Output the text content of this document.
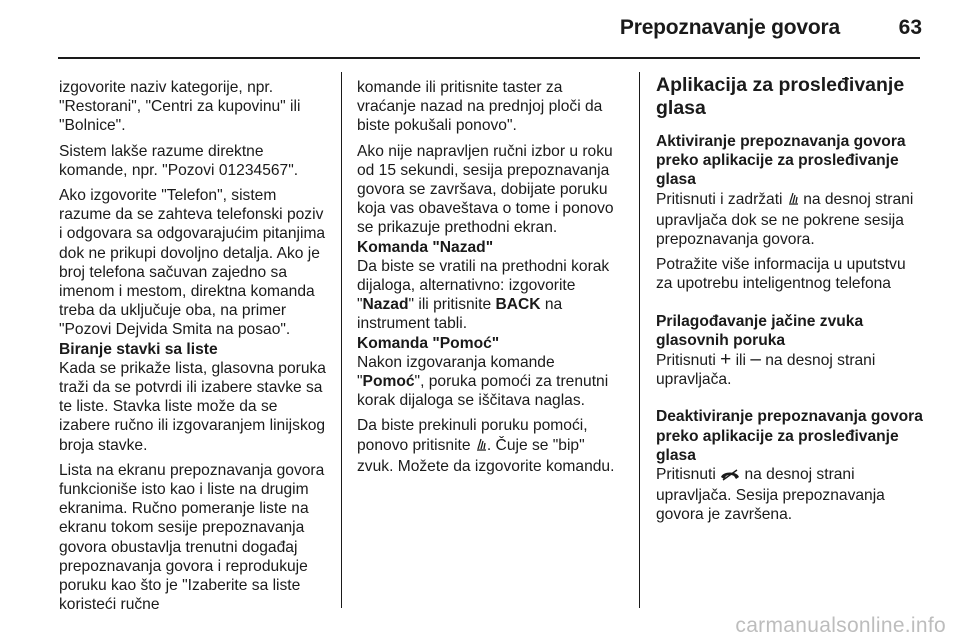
Prepoznavanje govora	63

izgovorite naziv kategorije, npr. "Restorani", "Centri za kupovinu" ili "Bolnice".

Sistem lakše razume direktne komande, npr. "Pozovi 01234567".

Ako izgovorite "Telefon", sistem razume da se zahteva telefonski poziv i odgovara sa odgovarajućim pitanjima dok ne prikupi dovoljno detalja. Ako je broj telefona sačuvan zajedno sa imenom i mestom, direktna komanda treba da uključuje oba, na primer "Pozovi Dejvida Smita na posao".

Biranje stavki sa liste

Kada se prikaže lista, glasovna poruka traži da se potvrdi ili izabere stavke sa te liste. Stavka liste može da se izabere ručno ili izgovaranjem linijskog broja stavke.

Lista na ekranu prepoznavanja govora funkcioniše isto kao i liste na drugim ekranima. Ručno pomeranje liste na ekranu tokom sesije prepoznavanja govora obustavlja trenutni događaj prepoznavanja govora i reprodukuje poruku kao što je "Izaberite sa liste koristeći ručne

komande ili pritisnite taster za vraćanje nazad na prednjoj ploči da biste pokušali ponovo".

Ako nije napravljen ručni izbor u roku od 15 sekundi, sesija prepoznavanja govora se završava, dobijate poruku koja vas obaveštava o tome i ponovo se prikazuje prethodni ekran.

Komanda "Nazad"

Da biste se vratili na prethodni korak dijaloga, alternativno: izgovorite "Nazad" ili pritisnite BACK na instrument tabli.

Komanda "Pomoć"

Nakon izgovaranja komande "Pomoć", poruka pomoći za trenutni korak dijaloga se iščitava naglas.

Da biste prekinuli poruku pomoći, ponovo pritisnite . Čuje se "bip" zvuk. Možete da izgovorite komandu.

Aplikacija za prosleđivanje glasa
Aktiviranje prepoznavanja govora preko aplikacije za prosleđivanje glasa

Pritisnuti i zadržati  na desnoj strani upravljača dok se ne pokrene sesija prepoznavanja govora.

Potražite više informacija u uputstvu za upotrebu inteligentnog telefona

Prilagođavanje jačine zvuka glasovnih poruka

Pritisnuti + ili – na desnoj strani upravljača.

Deaktiviranje prepoznavanja govora preko aplikacije za prosleđivanje glasa

Pritisnuti  na desnoj strani upravljača. Sesija prepoznavanja govora je završena.

carmanualsonline.info
